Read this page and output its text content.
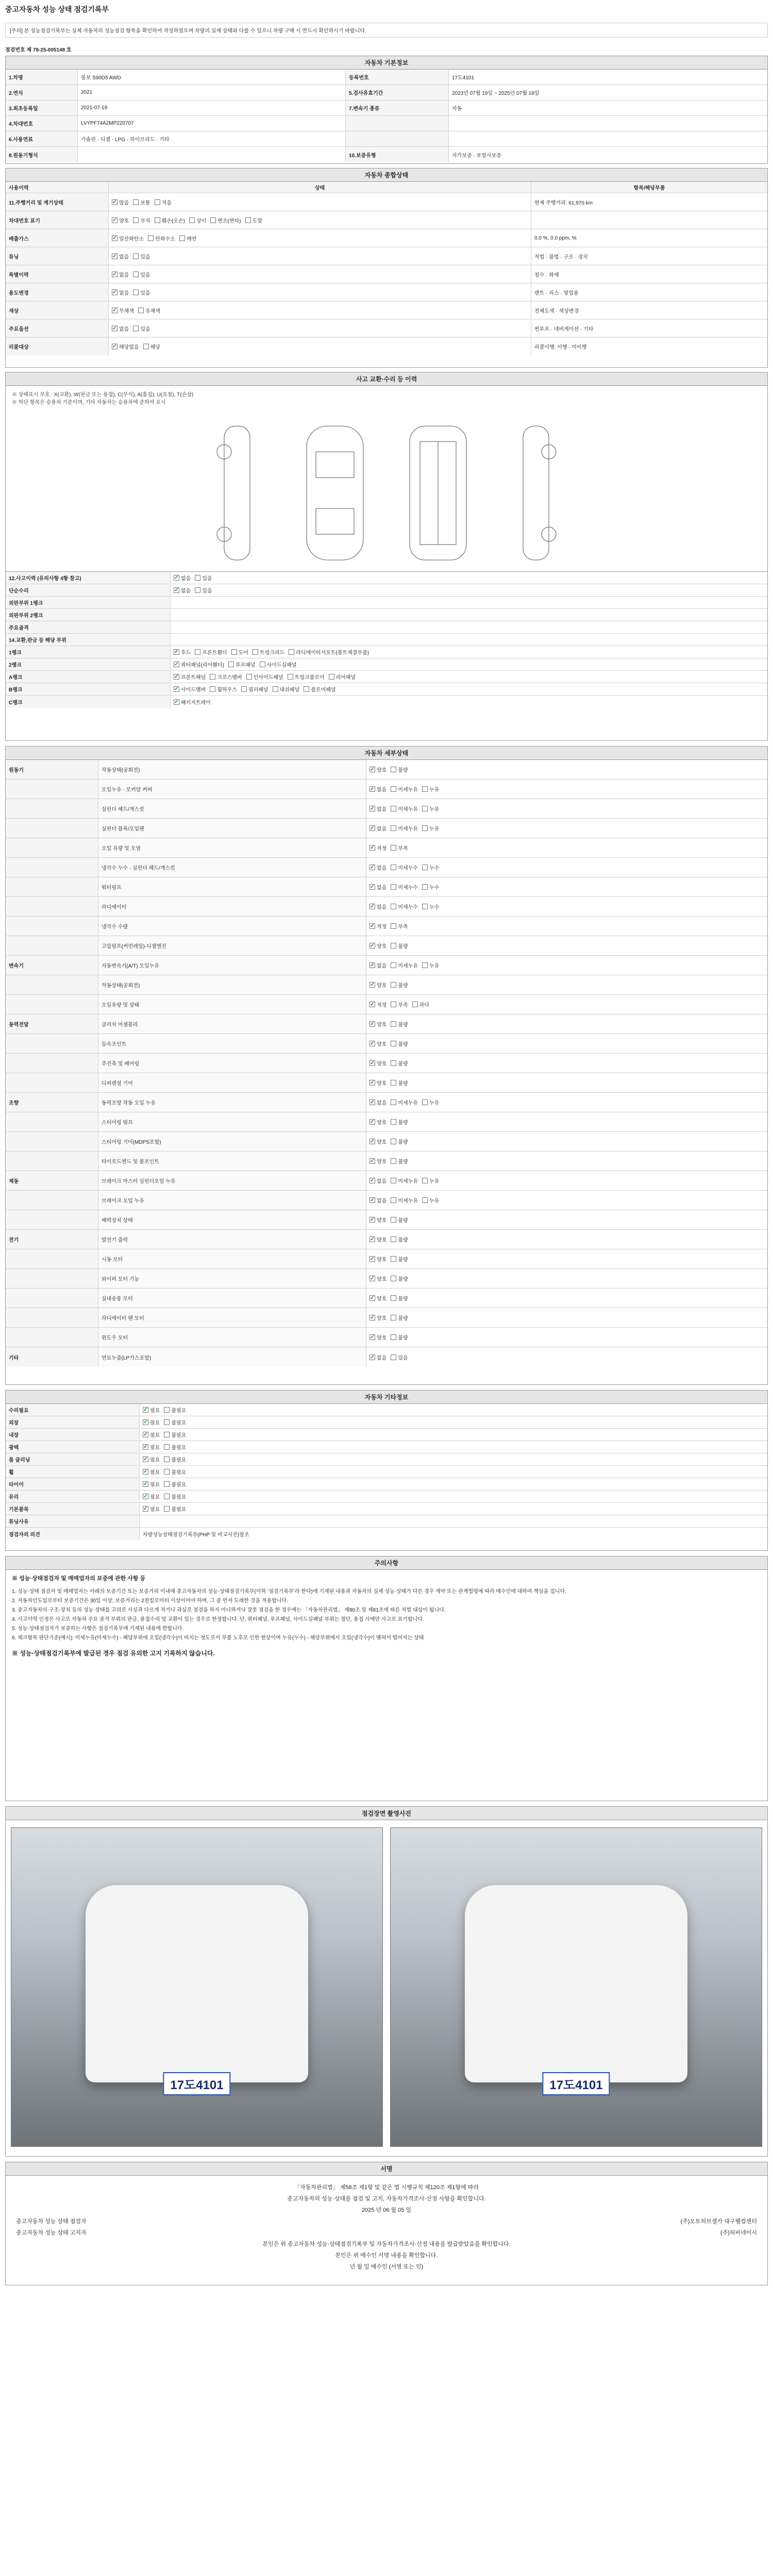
중고자동차 성능 상태 점검기록부
[주의] 본 성능점검기록부는 실제 자동차의 성능점검 항목을 확인하여 작성하였으며 차량의 실제 상태와 다를 수 있으니 차량 구매 시 반드시 확인하시기 바랍니다.
점검번호 제 79-25-005148 호
자동차 기본정보
1.차명	볼보 S90D5 AWD	등록번호	17도4101
2.연식	2021	5.검사유효기간	2023년 07월 19일 ~ 2025년 07월 18일
3.최초등록일	2021-07-19	7.변속기 종류	자동
4.차대번호	LVYPF74A2MP220707
6.사용연료	가솔린 · 디젤 · LPG · 하이브리드 · 기타
8.원동기형식	10.보증유형	자가보증 · 보험사보증
자동차 종합상태
사용이력	상태	항목/해당부품
11.주행거리 및 계기상태	✓ 많음 보통 적음	현재 주행거리: 61,970 km
차대번호 표기	✓ 양호 부식 훼손(오손) 상이 변조(변타) 도말
배출가스	✓ 일산화탄소 탄화수소 매연	0.0 %, 0.0 ppm, %
튜닝	✓ 없음 있음	적법 · 불법 · 구조 · 장치
특별이력	✓ 없음 있음	침수 · 화재
용도변경	✓ 없음 있음	렌트 · 리스 · 영업용
색상	✓ 무채색 유채색	전체도색 · 색상변경
주요옵션	✓ 없음 있음	썬루프 · 네비게이션 · 기타
리콜대상	✓ 해당없음 해당	리콜이행: 이행 · 미이행
사고 교환·수리 등 이력
※ 상태표시 부호 : X(교환), W(판금 또는 용접), C(부식), A(흠집), U(요철), T(손상)
※ 하단 항목은 승용차 기준이며, 기타 자동차는 승용차에 준하여 표시
12.사고이력 (유의사항 4항 참고)	✓ 없음 있음
단순수리	✓ 없음 있음
외판부위 1랭크
외판부위 2랭크
주요골격
14.교환,판금 등 해당 부위
1랭크	✓ 후드 프론트휀더 도어 트렁크리드 라디에이터서포트(볼트체결부품)
2랭크	✓ 쿼터패널(리어휀더) 루프패널 사이드실패널
A랭크	✓ 프론트패널 크로스멤버 인사이드패널 트렁크플로어 리어패널
B랭크	✓ 사이드멤버 휠하우스 필러패널 대쉬패널 플로어패널
C랭크	✓ 패키지트레이
자동차 세부상태
원동기	작동상태(공회전)	✓ 양호 불량
오일누유 · 로커암 커버	✓ 없음 미세누유 누유
실린더 헤드/개스킷	✓ 없음 미세누유 누유
실린더 블록/오일팬	✓ 없음 미세누유 누유
오일 유량 및 오염	✓ 적정 부족
냉각수 누수 · 실린더 헤드/개스킷	✓ 없음 미세누수 누수
워터펌프	✓ 없음 미세누수 누수
라디에이터	✓ 없음 미세누수 누수
냉각수 수량	✓ 적정 부족
고압펌프(커먼레일)-디젤엔진	✓ 양호 불량
변속기	자동변속기(A/T) 오일누유	✓ 없음 미세누유 누유
작동상태(공회전)	✓ 양호 불량
오일유량 및 상태	✓ 적정 부족 과다
동력전달	클러치 어셈블리	✓ 양호 불량
등속조인트	✓ 양호 불량
추진축 및 베어링	✓ 양호 불량
디퍼렌셜 기어	✓ 양호 불량
조향	동력조향 작동 오일 누유	✓ 없음 미세누유 누유
스티어링 펌프	✓ 양호 불량
스티어링 기어(MDPS포함)	✓ 양호 불량
타이로드엔드 및 볼조인트	✓ 양호 불량
제동	브레이크 마스터 실린더오일 누유	✓ 없음 미세누유 누유
브레이크 오일 누유	✓ 없음 미세누유 누유
배력장치 상태	✓ 양호 불량
전기	발전기 출력	✓ 양호 불량
시동 모터	✓ 양호 불량
와이퍼 모터 기능	✓ 양호 불량
실내송풍 모터	✓ 양호 불량
라디에이터 팬 모터	✓ 양호 불량
윈도우 모터	✓ 양호 불량
기타	연료누출(LP가스포함)	✓ 없음 있음
자동차 기타정보
수리필요	✓ 필요 불필요
외장	✓ 필요 불필요
내장	✓ 필요 불필요
광택	✓ 필요 불필요
룸 클리닝	✓ 필요 불필요
휠	✓ 필요 불필요
타이어	✓ 필요 불필요
유리	✓ 필요 불필요
기본품목	✓ 필요 불필요
튜닝사유
점검자의 의견	차량성능상태점검기록부(PHP 및 비교사진)참조
주의사항
※ 성능·상태점검자 및 매매업자의 보증에 관한 사항 등
1. 성능·상태 점검자 및 매매업자는 아래의 보증기간 또는 보증거리 이내에 중고자동차의 성능·상태점검기록부(이하 ‘점검기록부’라 한다)에 기재된 내용과 자동차의 실제 성능·상태가 다른 경우 계약 또는 관계법령에 따라 매수인에 대하여 책임을 집니다.
2. 자동차인도일로부터 보증기간은 30일 이상, 보증거리는 2천킬로미터 이상이어야 하며, 그 중 먼저 도래한 것을 적용합니다.
3. 중고자동차의 구조·장치 등의 성능·상태를 고의로 사실과 다르게 적거나 과실로 점검을 하지 아니하거나 잘못 점검을 한 경우에는 「자동차관리법」 제80조 및 제81조에 따른 처벌 대상이 됩니다.
4. 사고이력 인정은 사고로 자동차 주요 골격 부위의 판금, 용접수리 및 교환이 있는 경우로 한정합니다. 단, 쿼터패널, 루프패널, 사이드실패널 부위는 절단, 용접 시에만 사고로 표기합니다.
5. 성능·상태점검자가 보증하는 사항은 점검기록부에 기재된 내용에 한합니다.
6. 체크항목 판단기준(예시): 미세누유(미세누수) - 해당부위에 오일(냉각수)이 비치는 정도로서 부품 노후로 인한 현상이며 누유(누수) - 해당부위에서 오일(냉각수)이 맺혀서 떨어지는 상태
※ 성능·상태점검기록부에 발급된 경우 점검 유의한 고지 기록하지 않습니다.
점검장면 촬영사진
17도4101	17도4101
서명
「자동차관리법」 제58조 제1항 및 같은 법 시행규칙 제120조 제1항에 따라
중고자동차의 성능·상태를 점검 및 고지, 자동차가격조사·산정 사항을 확인합니다.
2025 년 06 월 05 일
중고자동차 성능 상태 점검자	(주)오토허브셀카 대구웰컴센터
중고자동차 성능 상태 고지자	(주)허비네이시
본인은 위 중고자동차 성능·상태점검기록부 및 자동차가격조사·산정 내용을 발급받았음을 확인합니다.
본인은 위 매수인 서명 내용을 확인합니다.
년 월 일 매수인 (서명 또는 인)
